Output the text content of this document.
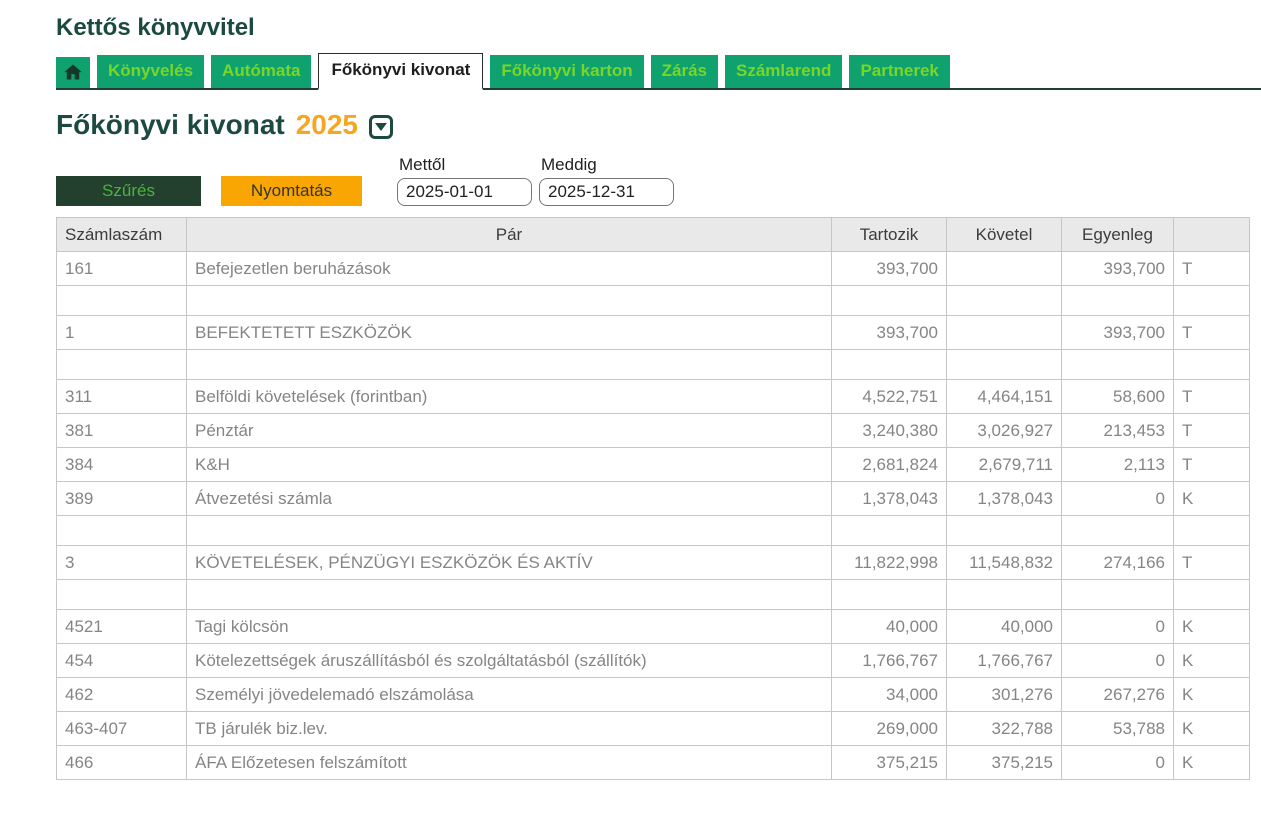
Kettős könyvvitel
Könyvelés	Autómata	Főkönyvi kivonat	Főkönyvi karton	Zárás	Számlarend	Partnerek
Főkönyvi kivonat 2025
Szűrés	Nyomtatás
Mettől
2025-01-01	Meddig
2025-12-31
Számlaszám	Pár	Tartozik	Követel	Egyenleg	
161	Befejezetlen beruházások	393,700		393,700	T

1	BEFEKTETETT ESZKÖZÖK	393,700		393,700	T

311	Belföldi követelések (forintban)	4,522,751	4,464,151	58,600	T
381	Pénztár	3,240,380	3,026,927	213,453	T
384	K&H	2,681,824	2,679,711	2,113	T
389	Átvezetési számla	1,378,043	1,378,043	0	K

3	KÖVETELÉSEK, PÉNZÜGYI ESZKÖZÖK ÉS AKTÍV	11,822,998	11,548,832	274,166	T

4521	Tagi kölcsön	40,000	40,000	0	K
454	Kötelezettségek áruszállításból és szolgáltatásból (szállítók)	1,766,767	1,766,767	0	K
462	Személyi jövedelemadó elszámolása	34,000	301,276	267,276	K
463-407	TB járulék biz.lev.	269,000	322,788	53,788	K
466	ÁFA Előzetesen felszámított	375,215	375,215	0	K
